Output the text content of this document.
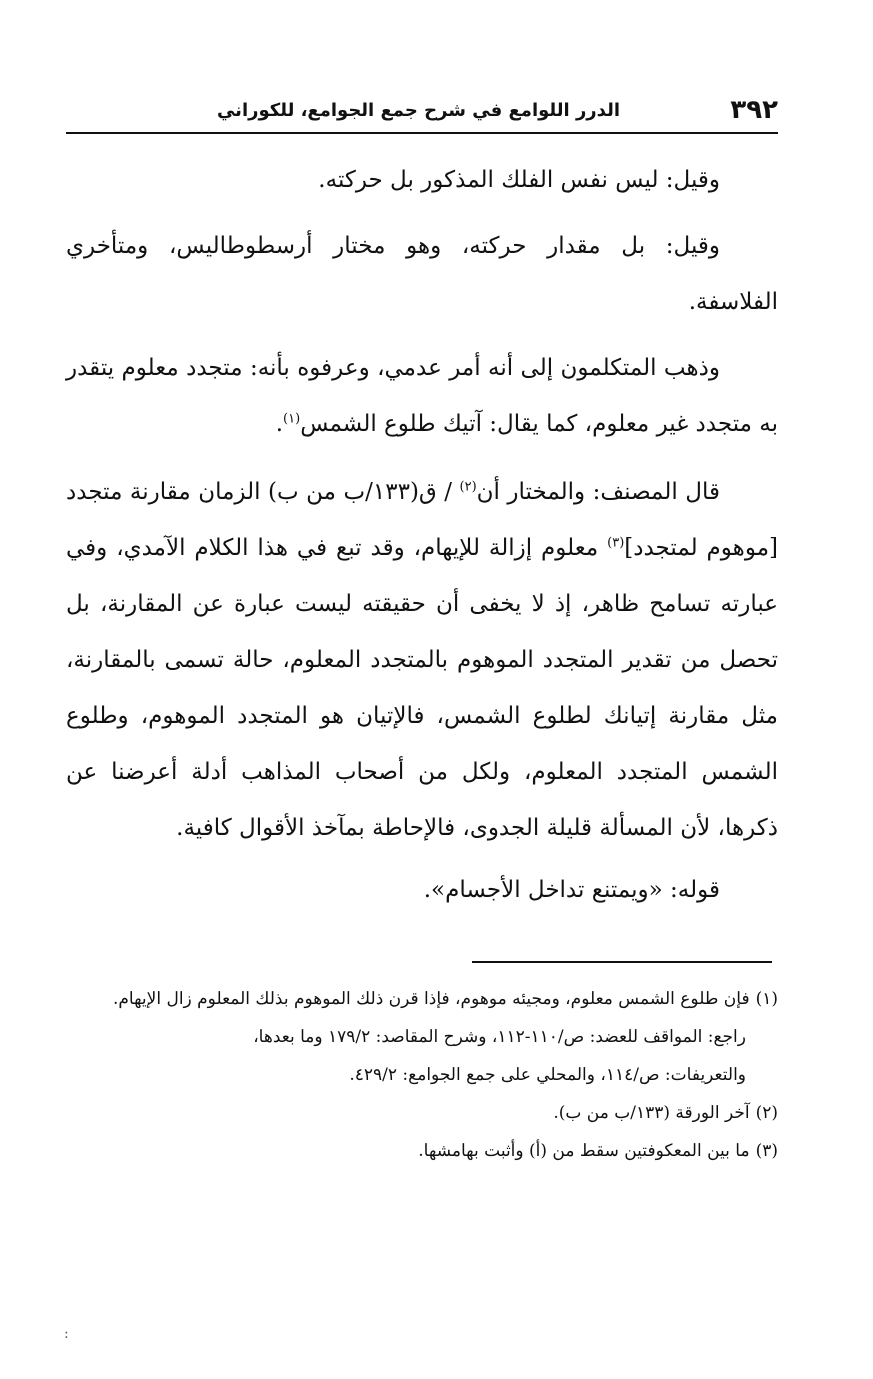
٣٩٢
الدرر اللوامع في شرح جمع الجوامع، للكوراني

وقيل: ليس نفس الفلك المذكور بل حركته.

وقيل: بل مقدار حركته، وهو مختار أرسطوطاليس، ومتأخري الفلاسفة.

وذهب المتكلمون إلى أنه أمر عدمي، وعرفوه بأنه: متجدد معلوم يتقدر به متجدد غير معلوم، كما يقال: آتيك طلوع الشمس$^{(١)}$.

قال المصنف: والمختار أن$^{(٢)}$ / ق(١٣٣/ب من ب) الزمان مقارنة متجدد [موهوم لمتجدد]$^{(٣)}$ معلوم إزالة للإيهام، وقد تبع في هذا الكلام الآمدي، وفي عبارته تسامح ظاهر، إذ لا يخفى أن حقيقته ليست عبارة عن المقارنة، بل تحصل من تقدير المتجدد الموهوم بالمتجدد المعلوم، حالة تسمى بالمقارنة، مثل مقارنة إتيانك لطلوع الشمس، فالإتيان هو المتجدد الموهوم، وطلوع الشمس المتجدد المعلوم، ولكل من أصحاب المذاهب أدلة أعرضنا عن ذكرها، لأن المسألة قليلة الجدوى، فالإحاطة بمآخذ الأقوال كافية.

قوله: «ويمتنع تداخل الأجسام».

(١)فإن طلوع الشمس معلوم، ومجيئه موهوم، فإذا قرن ذلك الموهوم بذلك المعلوم زال الإيهام.

راجع: المواقف للعضد: ص/١١٠-١١٢، وشرح المقاصد: ١٧٩/٢ وما بعدها،

والتعريفات: ص/١١٤، والمحلي على جمع الجوامع: ٤٢٩/٢.

(٢)آخر الورقة (١٣٣/ب من ب).

(٣)ما بين المعكوفتين سقط من (أ) وأثبت بهامشها.

:
